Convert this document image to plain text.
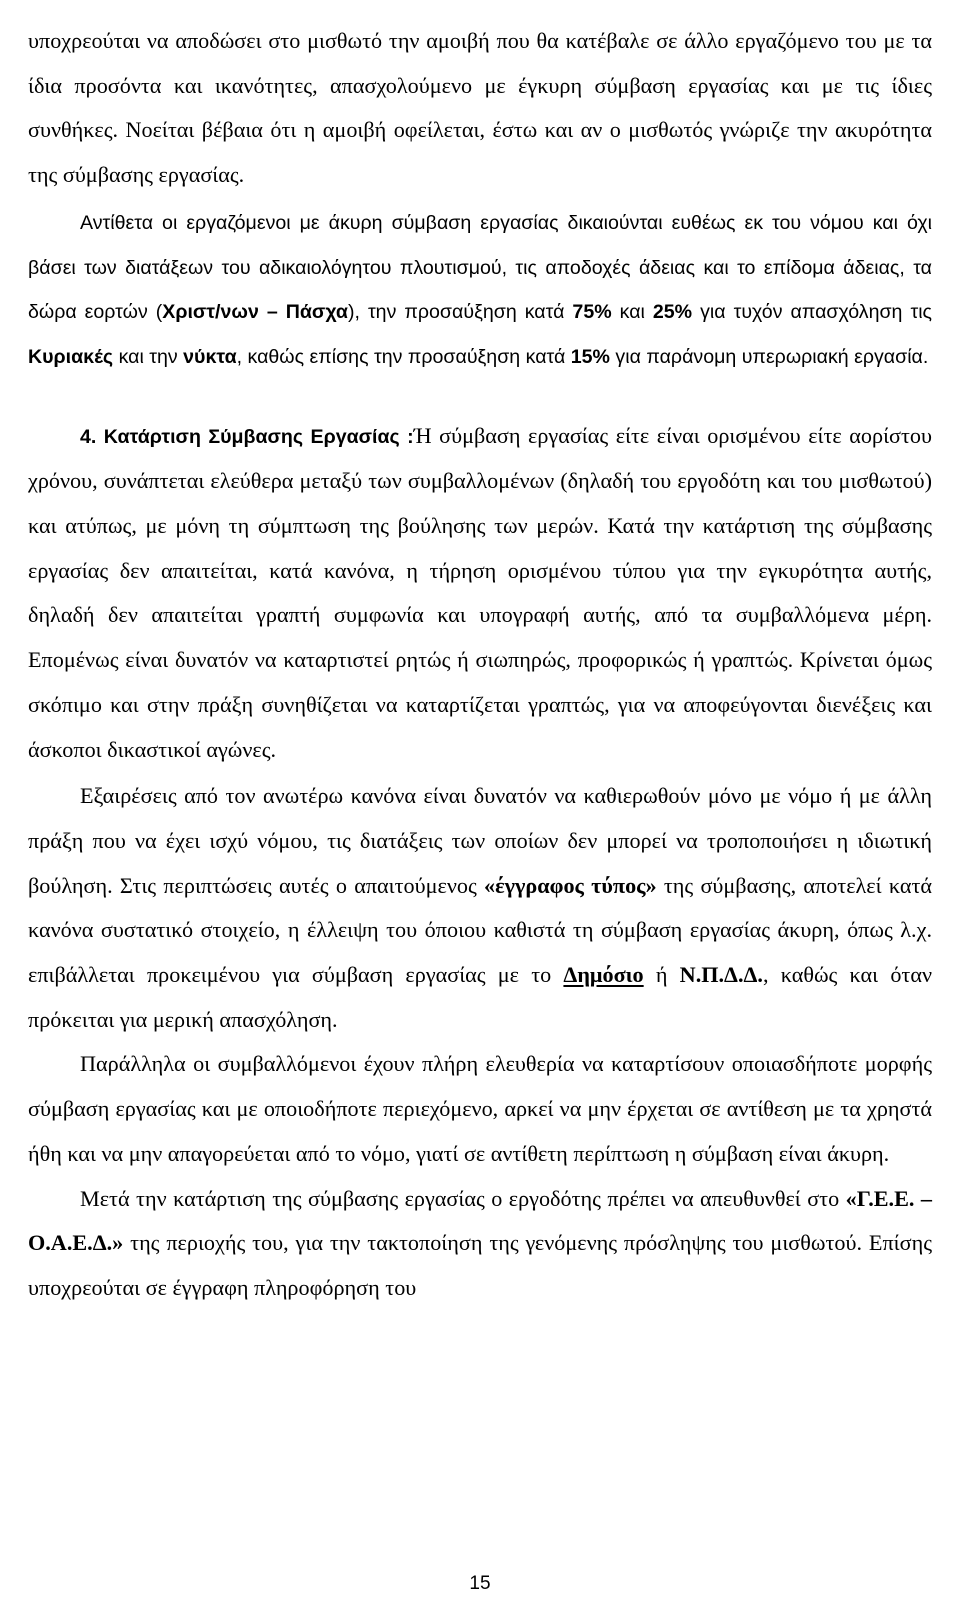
υποχρεούται να αποδώσει στο μισθωτό την αμοιβή που θα κατέβαλε σε άλλο εργαζόμενο του με τα ίδια προσόντα και ικανότητες, απασχολούμενο με έγκυρη σύμβαση εργασίας και με τις ίδιες συνθήκες. Νοείται βέβαια ότι η αμοιβή οφείλεται, έστω και αν ο μισθωτός γνώριζε την ακυρότητα της σύμβασης εργασίας.

Αντίθετα οι εργαζόμενοι με άκυρη σύμβαση εργασίας δικαιούνται ευθέως εκ του νόμου και όχι βάσει των διατάξεων του αδικαιολόγητου πλουτισμού, τις αποδοχές άδειας και το επίδομα άδειας, τα δώρα εορτών (Χριστ/νων – Πάσχα), την προσαύξηση κατά 75% και 25% για τυχόν απασχόληση τις Κυριακές και την νύκτα, καθώς επίσης την προσαύξηση κατά 15% για παράνομη υπερωριακή εργασία.

4. Κατάρτιση Σύμβασης Εργασίας :Ή σύμβαση εργασίας είτε είναι ορισμένου είτε αορίστου χρόνου, συνάπτεται ελεύθερα μεταξύ των συμβαλλομένων (δηλαδή του εργοδότη και του μισθωτού) και ατύπως, με μόνη τη σύμπτωση της βούλησης των μερών. Κατά την κατάρτιση της σύμβασης εργασίας δεν απαιτείται, κατά κανόνα, η τήρηση ορισμένου τύπου για την εγκυρότητα αυτής, δηλαδή δεν απαιτείται γραπτή συμφωνία και υπογραφή αυτής, από τα συμβαλλόμενα μέρη. Επομένως είναι δυνατόν να καταρτιστεί ρητώς ή σιωπηρώς, προφορικώς ή γραπτώς. Κρίνεται όμως σκόπιμο και στην πράξη συνηθίζεται να καταρτίζεται γραπτώς, για να αποφεύγονται διενέξεις και άσκοποι δικαστικοί αγώνες.

Εξαιρέσεις από τον ανωτέρω κανόνα είναι δυνατόν να καθιερωθούν μόνο με νόμο ή με άλλη πράξη που να έχει ισχύ νόμου, τις διατάξεις των οποίων δεν μπορεί να τροποποιήσει η ιδιωτική βούληση. Στις περιπτώσεις αυτές ο απαιτούμενος «έγγραφος τύπος» της σύμβασης, αποτελεί κατά κανόνα συστατικό στοιχείο, η έλλειψη του όποιου καθιστά τη σύμβαση εργασίας άκυρη, όπως λ.χ. επιβάλλεται προκειμένου για σύμβαση εργασίας με το Δημόσιο ή Ν.Π.Δ.Δ., καθώς και όταν πρόκειται για μερική απασχόληση.

Παράλληλα οι συμβαλλόμενοι έχουν πλήρη ελευθερία να καταρτίσουν οποιασδήποτε μορφής σύμβαση εργασίας και με οποιοδήποτε περιεχόμενο, αρκεί να μην έρχεται σε αντίθεση με τα χρηστά ήθη και να μην απαγορεύεται από το νόμο, γιατί σε αντίθετη περίπτωση η σύμβαση είναι άκυρη.

Μετά την κατάρτιση της σύμβασης εργασίας ο εργοδότης πρέπει να απευθυνθεί στο «Γ.Ε.Ε. – Ο.Α.Ε.Δ.» της περιοχής του, για την τακτοποίηση της γενόμενης πρόσληψης του μισθωτού. Επίσης υποχρεούται σε έγγραφη πληροφόρηση του

15
